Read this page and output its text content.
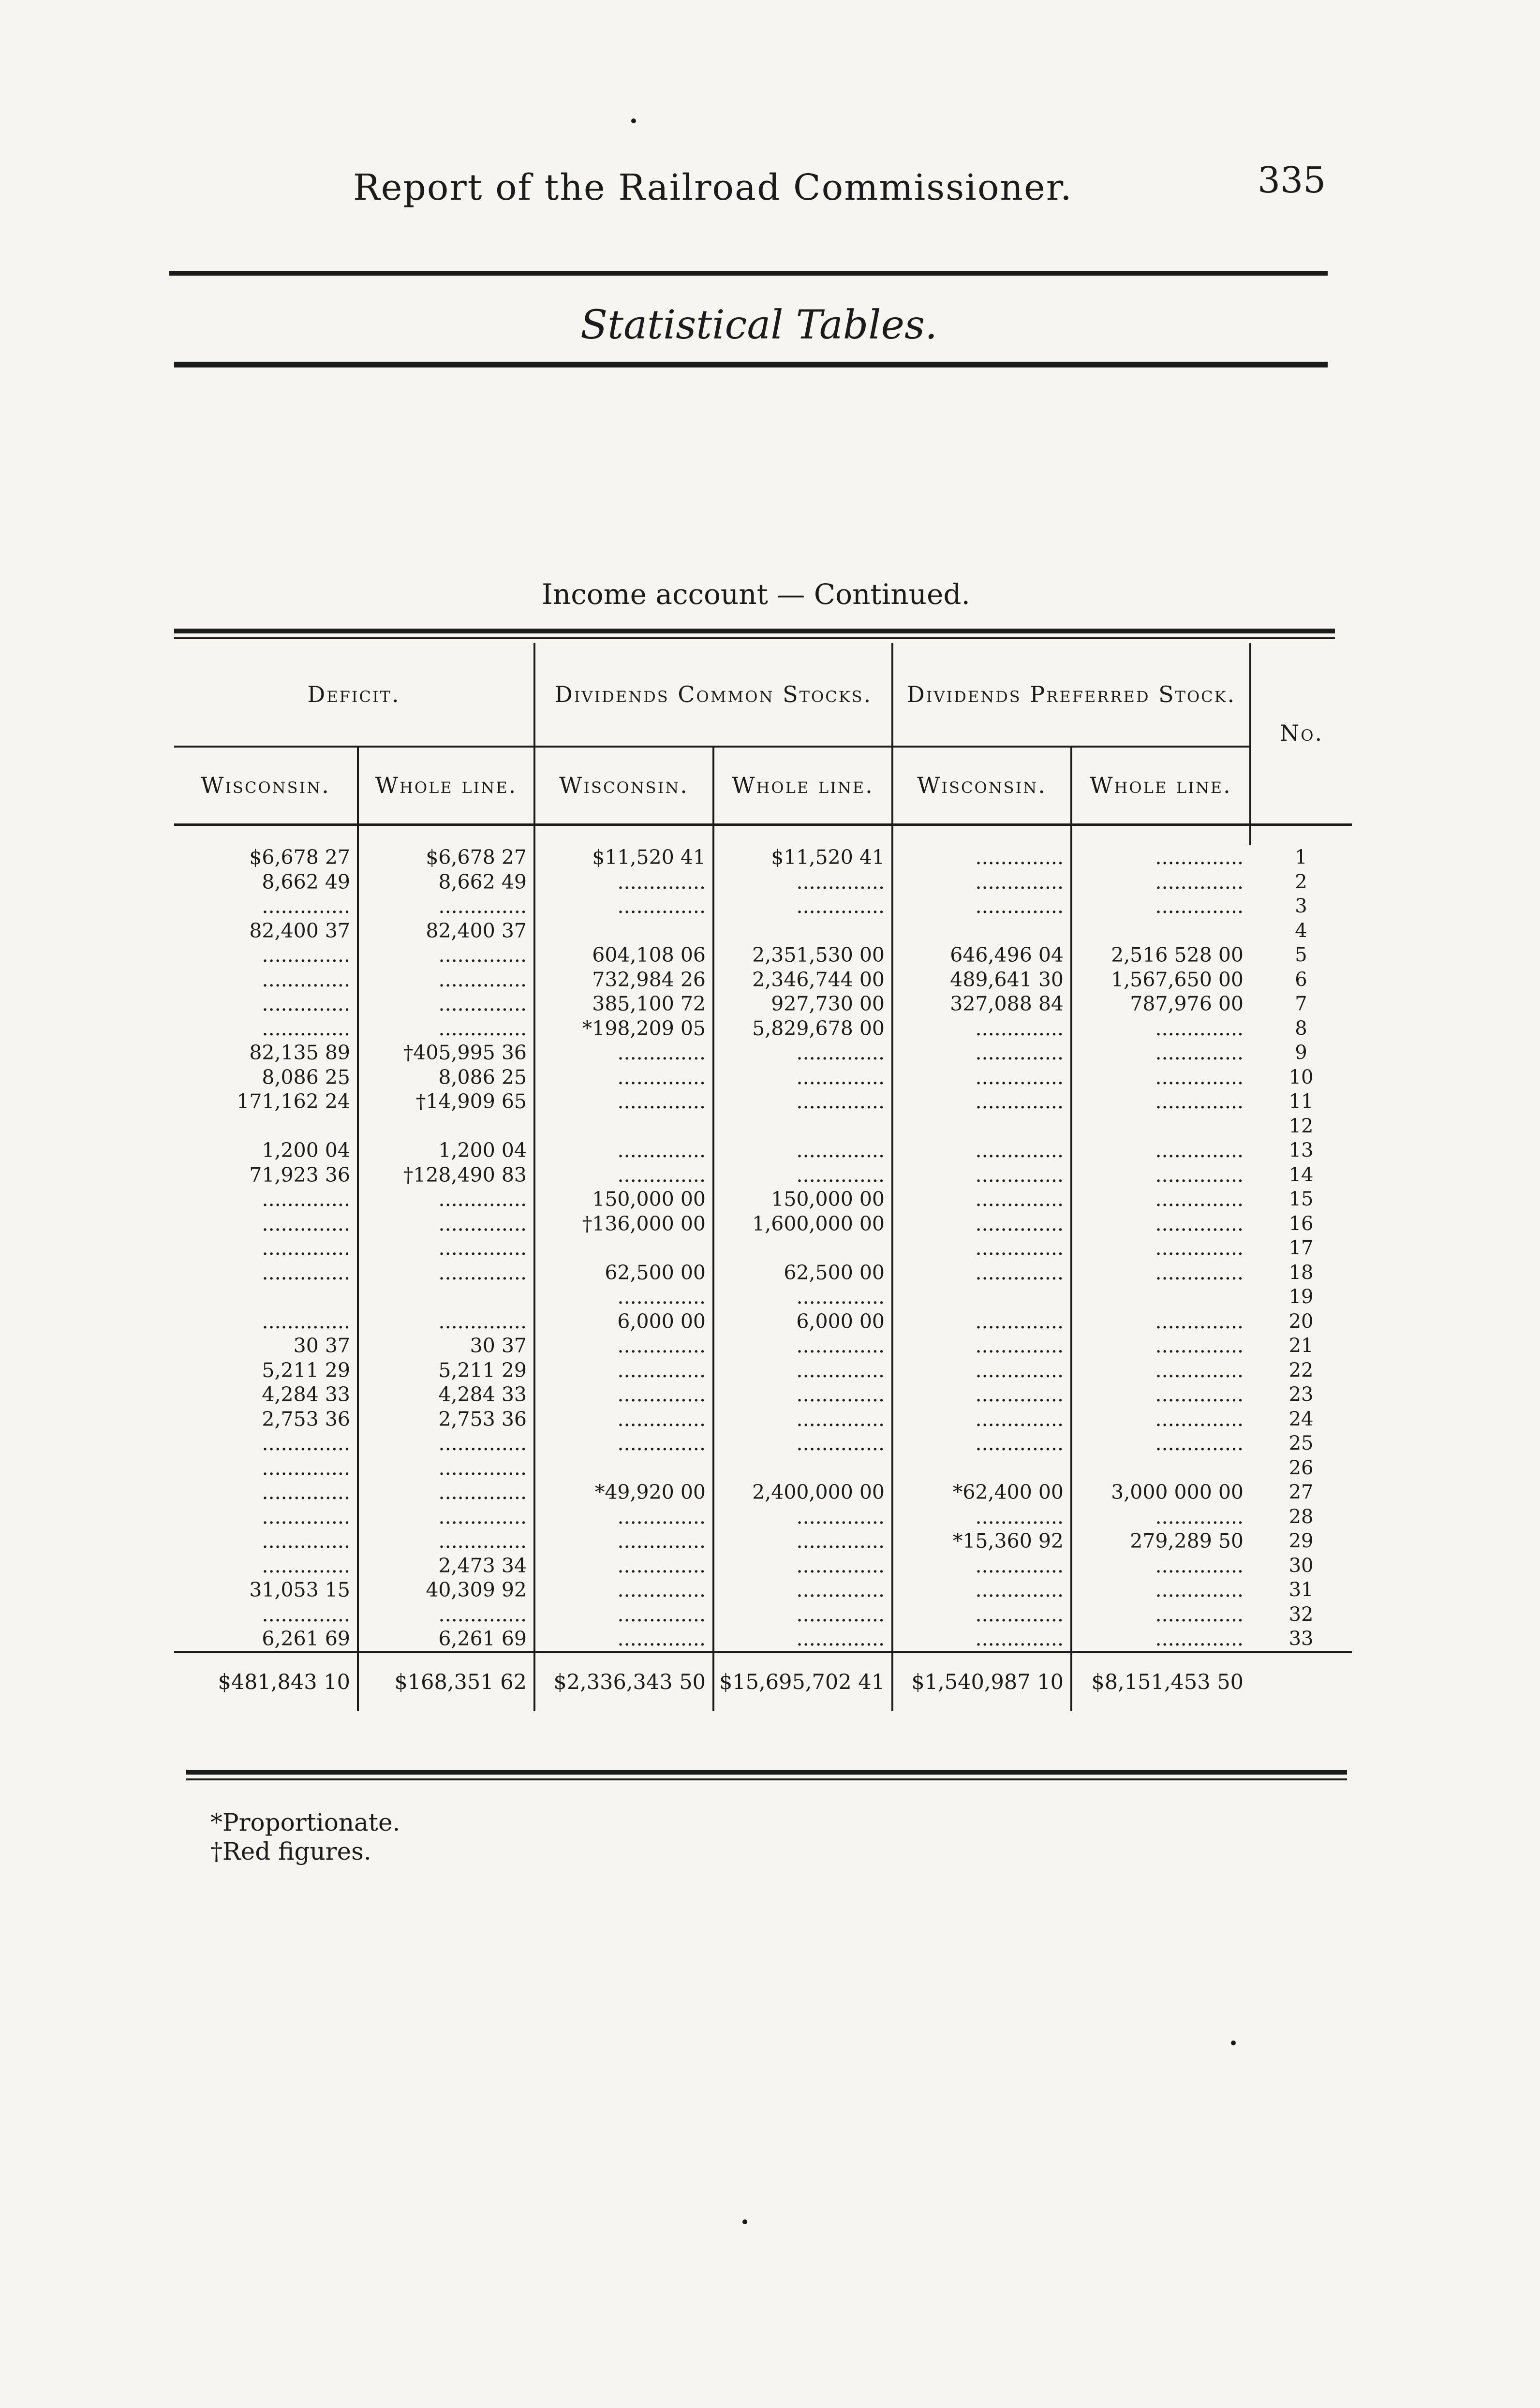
Report of the Railroad Commissioner.	335
Statistical Tables.
Income account — Continued.
Deficit.		Dividends Common Stocks.		Dividends Preferred Stock.		No.
Wisconsin.	Whole line.	Wisconsin.	Whole line.	Wisconsin.	Whole line.	

$6,678 27	$6,678 27	$11,520 41	$11,520 41	..............	..............	1
8,662 49	8,662 49	..............	..............	..............	..............	2
..............	..............	..............	..............	..............	..............	3
82,400 37	82,400 37					4
..............	..............	604,108 06	2,351,530 00	646,496 04	2,516 528 00	5
..............	..............	732,984 26	2,346,744 00	489,641 30	1,567,650 00	6
..............	..............	385,100 72	927,730 00	327,088 84	787,976 00	7
..............	..............	*198,209 05	5,829,678 00	..............	..............	8
82,135 89	†405,995 36	..............	..............	..............	..............	9
8,086 25	8,086 25	..............	..............	..............	..............	10
171,162 24	†14,909 65	..............	..............	..............	..............	11
						12
1,200 04	1,200 04	..............	..............	..............	..............	13
71,923 36	†128,490 83	..............	..............	..............	..............	14
..............	..............	150,000 00	150,000 00	..............	..............	15
..............	..............	†136,000 00	1,600,000 00	..............	..............	16
..............	..............			..............	..............	17
..............	..............	62,500 00	62,500 00	..............	..............	18
		..............	..............			19
..............	..............	6,000 00	6,000 00	..............	..............	20
30 37	30 37	..............	..............	..............	..............	21
5,211 29	5,211 29	..............	..............	..............	..............	22
4,284 33	4,284 33	..............	..............	..............	..............	23
2,753 36	2,753 36	..............	..............	..............	..............	24
..............	..............	..............	..............	..............	..............	25
..............	..............					26
..............	..............	*49,920 00	2,400,000 00	*62,400 00	3,000 000 00	27
..............	..............	..............	..............	..............	..............	28
..............	..............	..............	..............	*15,360 92	279,289 50	29
..............	2,473 34	..............	..............	..............	..............	30
31,053 15	40,309 92	..............	..............	..............	..............	31
..............	..............	..............	..............	..............	..............	32
6,261 69	6,261 69	..............	..............	..............	..............	33
$481,843 10	$168,351 62	$2,336,343 50	$15,695,702 41	$1,540,987 10	$8,151,453 50	
*Proportionate.
†Red figures.
